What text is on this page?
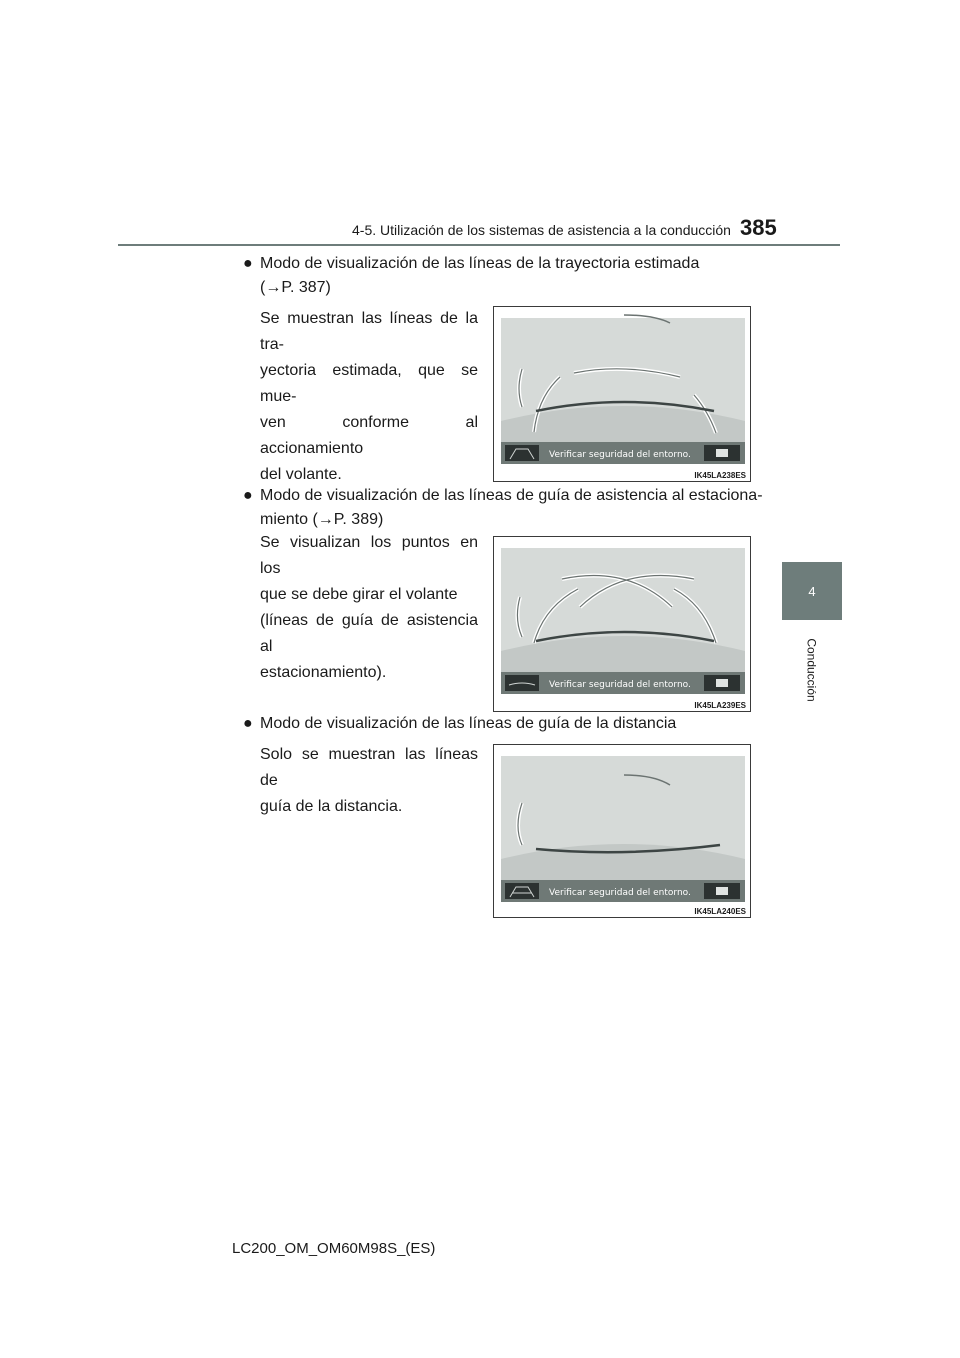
4-5. Utilización de los sistemas de asistencia a la conducción 385
4
Conducción
● Modo de visualización de las líneas de la trayectoria estimada
(→P. 387)
Se muestran las líneas de la tra-
yectoria estimada, que se mue-
ven conforme al accionamiento
del volante.
Verificar seguridad del entorno.
IK45LA238ES
● Modo de visualización de las líneas de guía de asistencia al estaciona-
miento (→P. 389)
Se visualizan los puntos en los
que se debe girar el volante
(líneas de guía de asistencia al
estacionamiento).
Verificar seguridad del entorno.
IK45LA239ES
● Modo de visualización de las líneas de guía de la distancia
Solo se muestran las líneas de
guía de la distancia.
Verificar seguridad del entorno.
IK45LA240ES
LC200_OM_OM60M98S_(ES)
